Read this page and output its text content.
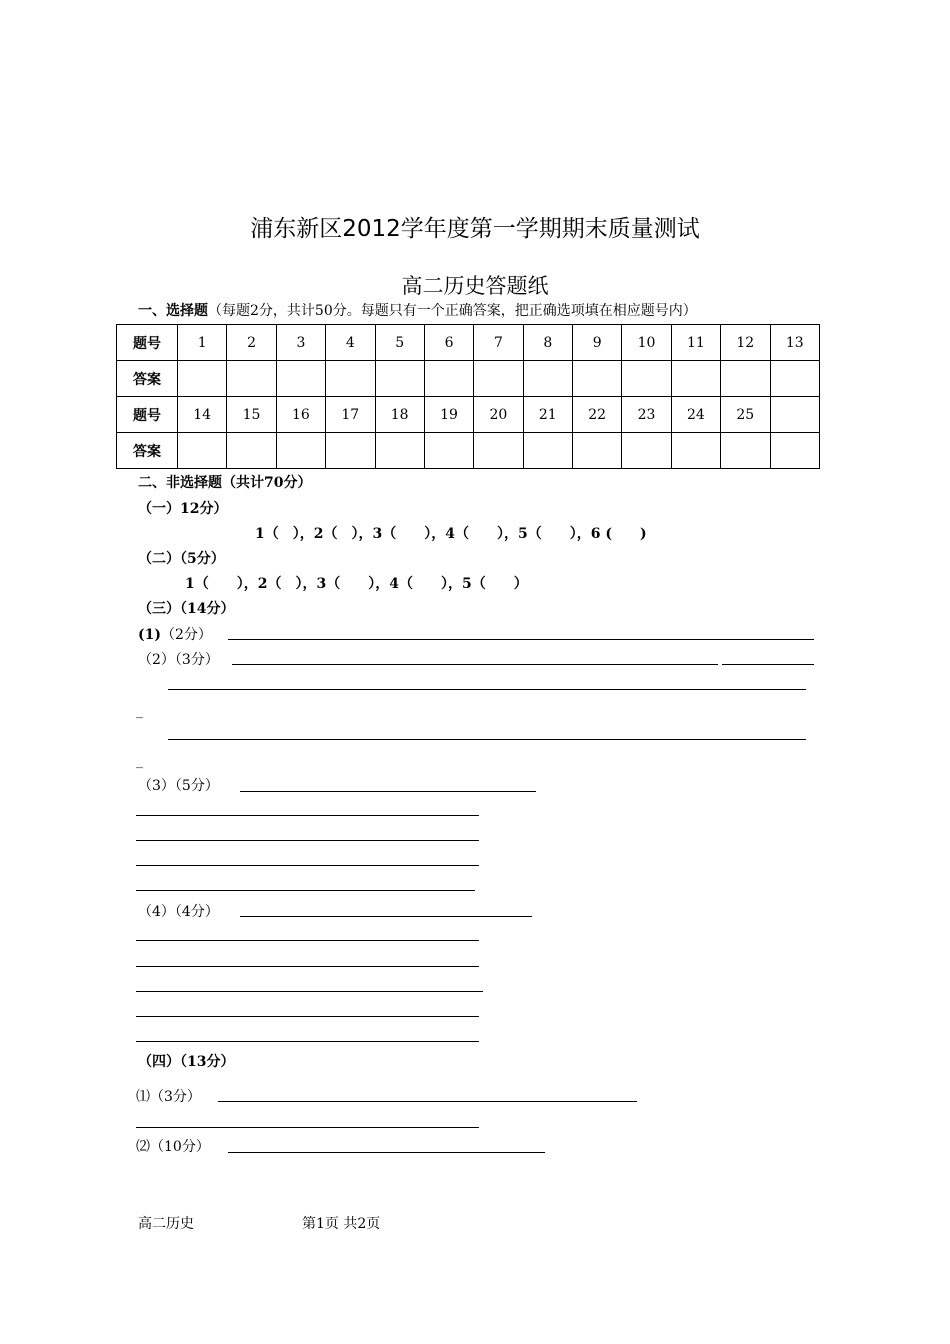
浦东新区2012学年度第一学期期末质量测试
高二历史答题纸
一、选择题（每题2分，共计50分。每题只有一个正确答案，把正确选项填在相应题号内）
题号	1	2	3	4	5	6	7	8	9	10	11	12	13
答案													
题号	14	15	16	17	18	19	20	21	22	23	24	25	
答案													
二、非选择题（共计70分）
（一）12分）
1（　），2（　），3（　　），4（　　），5（　　），6 (　　)
（二）（5分）
1（　　），2（　），3（　　），4（　　），5（　　）
（三）（14分）
(1)（2分）
（2）（3分）
_
_
（3）（5分）
（4）（4分）
（四）（13分）
⑴（3分）
⑵（10分）
高二历史	第1页 共2页
